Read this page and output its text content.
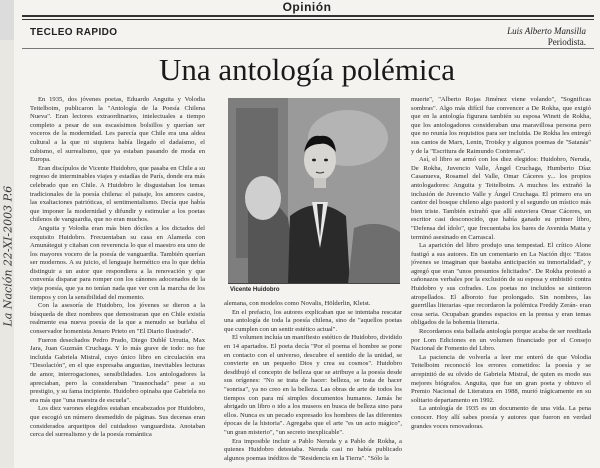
La Nación 22-XI-2003 P.6
Opinión
TECLEO RAPIDO	Luis Alberto Mansilla
Periodista.
Una antología polémica

En 1935, dos jóvenes poetas, Eduardo Anguita y Volodia Teitelboim, publicaron la "Antología de la Poesía Chilena Nueva". Eran lectores extraordinarios, intelectuales a tiempo completo a pesar de sus escasísimos bolsillos y querían ser voceros de la modernidad. Les parecía que Chile era una aldea cultural a la que ni siquiera había llegado el dadaísmo, el cubismo, el surrealismo, que ya estaban pasando de moda en Europa.

Eran discípulos de Vicente Huidobro, que pasaba en Chile a su regreso de interminables viajes y estadías de París, donde era más celebrado que en Chile. A Huidobro le disgustaban los temas tradicionales de la poesía chilena: el paisaje, los amores castos, las exaltaciones patrióticas, el sentimentalismo. Decía que había que imponer la modernidad y difundir y estimular a los poetas chilenos de vanguardia, que no eran muchos.

Anguita y Volodia eran más bien dóciles a los dictados del exquisito Huidobro. Frecuentaban su casa en Alameda con Amunátegui y citaban con reverencia lo que el maestro era uno de los mayores vocero de la poesía de vanguardia. También querían ser modernos. A su juicio, el lenguaje hermético era lo que debía distinguir a un autor que respondiera a la renovación y que convenía disparar para romper con los cánones adocenados de la vieja poesía, que ya no tenían nada que ver con la marcha de los tiempos y con la sensibilidad del momento.

Con la asesoría de Huidobro, los jóvenes se dieron a la búsqueda de diez nombres que demostraran que en Chile existía realmente esa nueva poesía de la que a menudo se burlaba el conservador homenista Jenaro Prieto en "El Diario Ilustrado".

Fueron desechados Pedro Prado, Diego Dublé Urrutia, Max Jara, Juan Guzmán Cruchaga. Y lo más grave de todo: no fue incluida Gabriela Mistral, cuyo único libro en circulación era "Desolación", en el que expresaba angustias, inevitables lecturas de amor, interrogaciones, sensibilidades. Los antologadores la apreciaban, pero la consideraban "trasnochada" pese a su prestigio, y su fama incipiente. Huidobro opinaba que Gabriela no era más que "una maestra de escuela".

Los diez varones elegidos estaban encabezados por Huidobro, que escogió un número desmedido de páginas. Sus decenas eran considerados arquetipos del cuidadoso vanguardista. Anotaban cerca del surrealismo y de la poesía romántica

Vicente Huidobro

alemana, con modelos como Novalis, Hölderlin, Kleist.

En el prefacio, los autores explicaban que se intentaba rescatar una antología de toda la poesía chilena, sino de "aquellos poetas que cumplen con un sentir estético actual".

El volumen incluía un manifiesto estético de Huidobro, dividido en 14 apartados. El poeta decía "Por el poema el hombre se pone en contacto con el universo, descubre el sentido de la unidad, se convierte en un pequeño Dios y crea su cosmos". Huidobro desdibujó el concepto de belleza que se atribuye a la poesía desde sus orígenes: "No se trata de hacer: belleza, se trata de hacer "sonrisa", ya no creo en la belleza. Las obras de arte de todos los tiempos con para mí simples documentos humanos. Jamás he abrigado un libro o ido a los museos en busca de belleza sino para ellos. Nunca es un pecado expresado los hombres de las diferentes épocas de la historia". Agregaba que el arte "es un acto mágico", "un gran misterio", "un secreto inexplicable".

Era imposible incluir a Pablo Neruda y a Pablo de Rokha, a quienes Huidobro detestaba. Neruda casi no había publicado algunos poemas inéditos de "Residencia en la Tierra". "Sólo la

muerte", "Alberto Rojas Jiménez viene volando", "Sognificas sombras". Algo más difícil fue convencer a De Rokha, que exigió que en la antología figurara también su esposa Winett de Rokha, que los antologadores consideraban una maravillosa persona pero que no reunía los requisitos para ser incluida. De Rokha les entregó sus cantos de Marx, Lenin, Trotsky y algunos poemas de "Satanás" y de la "Escritura de Raimundo Contreras".

Así, el libro se armó con los diez elegidos: Huidobro, Neruda, De Rokha, Juvencio Valle, Ángel Cruchaga, Humberto Díaz Casanueva, Rosamel del Valle, Omar Cáceres y... los propios antologadores: Anguita y Teitelboim. A muchos les extrañó la inclusión de Juvencio Valle y Ángel Cruchaga. El primero era un cantor del bosque chileno algo pastoril y el segundo un místico más bien triste. También extrañó que allí estuviera Omar Cáceres, un escritor casi desconocido, que había ganado su primer libro, "Defensa del ídolo", que frecuentaba los bares de Avenida Matta y terminó asesinado en Carrascal.

La aparición del libro produjo una tempestad. El crítico Alone fustigó a sus autores. En un comentario en La Nación dijo: "Estos jóvenes se imaginan que bastaba anticipación su inmortalidad", y agregó que eran "unos presuntos felicitados". De Rokha protestó a cañonazos verbales por la exclusión de su esposa y embistió contra Huidobro y sus cofrades. Los poetas no incluidos se sintieron atropellados. El alboroto fue prolongado. Sin nombres, las guerrillas literarias -que recordaron la polémica Freddy Zerán- eran cosa seria. Ocupaban grandes espacios en la prensa y eran temas obligados de la bohemia literaria.

Recordamos esta ballada antología porque acaba de ser reeditada por Lom Ediciones en un volumen financiado por el Consejo Nacional de Fomento del Libro.

La paciencia de volverla a leer me enteró de que Volodia Teitelboim reconoció los errores cometidos: la poesía y se arrepintió de su olvido de Gabriela Mistral, de quien es modo sus mejores biógrafos. Anguita, que fue un gran poeta y obtuvo el Premio Nacional de Literatura en 1988, murió trágicamente en su solitario departamento en 1992.

La antología de 1935 es un documento de una vida. La pena conocer. Hoy allí sabes poesía y autores que fueron en verdad grandes voces renovadoras.
